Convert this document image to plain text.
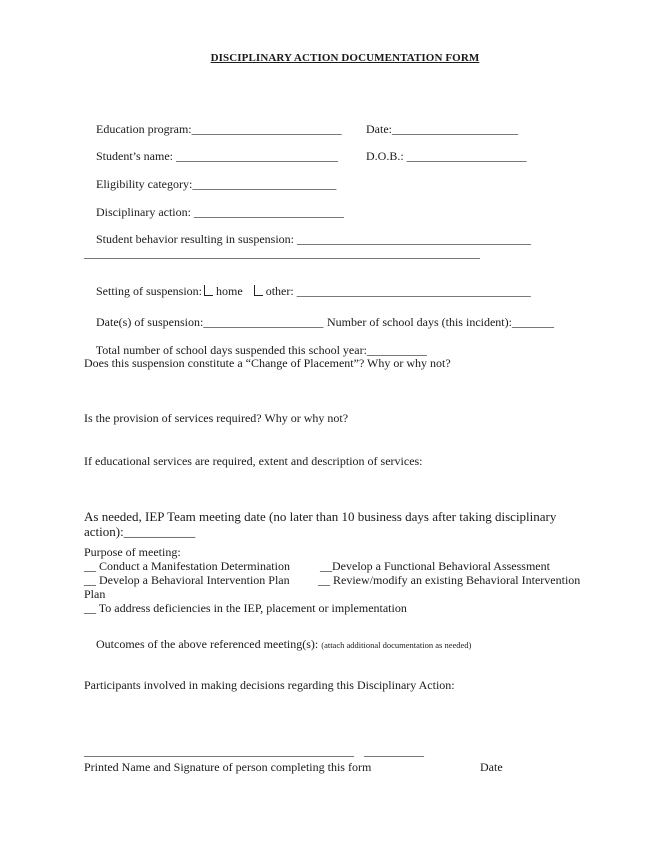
DISCIPLINARY ACTION DOCUMENTATION FORM

Education program:_________________________
	Date:_____________________

Student’s name: ___________________________
	D.O.B.: ____________________

Eligibility category:________________________

Disciplinary action: _________________________

Student behavior resulting in suspension: _______________________________________

__________________________________________________________________

Setting of suspension: home other: _______________________________________

Date(s) of suspension:____________________
Number of school days (this incident):_______

Total number of school days suspended this school year:__________

Does this suspension constitute a “Change of Placement”? Why or why not?
Is the provision of services required? Why or why not?
If educational services are required, extent and description of services:
As needed, IEP Team meeting date (no later than 10 business days after taking disciplinary
action):___________
Purpose of meeting:
__ Conduct a Manifestation Determination	__Develop a Functional Behavioral Assessment
__ Develop a Behavioral Intervention Plan __ Review/modify an existing Behavioral Intervention
Plan
__ To address deficiencies in the IEP, placement or implementation

Outcomes of the above referenced meeting(s): (attach additional documentation as needed)

Participants involved in making decisions regarding this Disciplinary Action:
_____________________________________________ __________
Printed Name and Signature of person completing this form	Date
